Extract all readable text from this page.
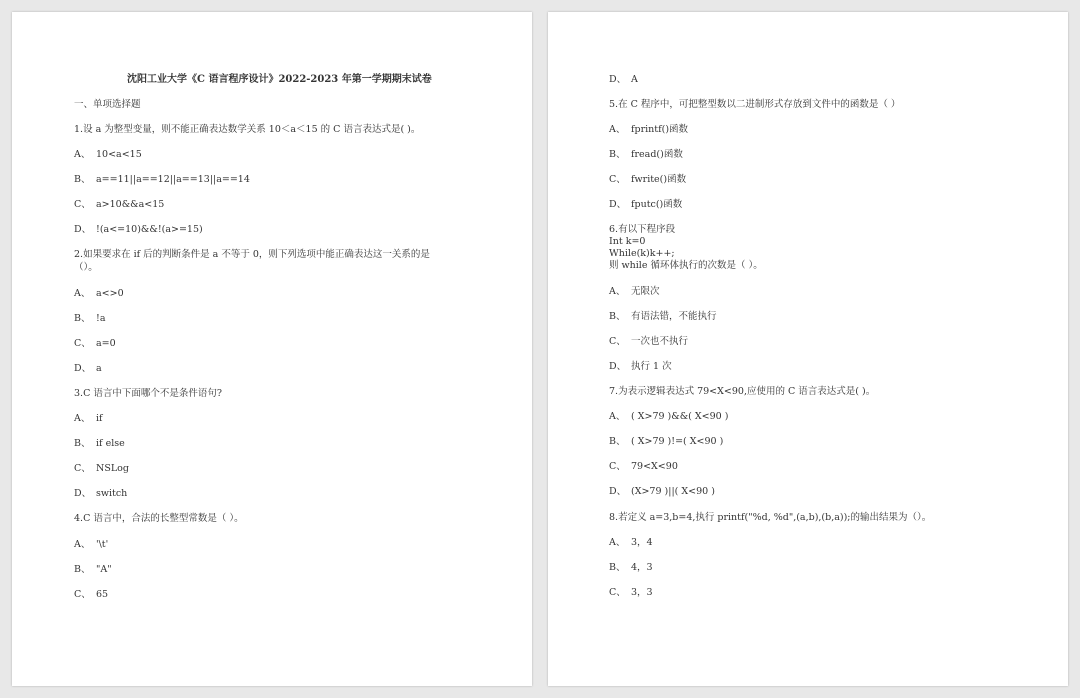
沈阳工业大学《C 语言程序设计》2022-2023 年第一学期期末试卷
一、单项选择题
1.设 a 为整型变量，则不能正确表达数学关系 10＜a＜15 的 C 语言表达式是( )。
A、 10<a<15
B、 a==11||a==12||a==13||a==14
C、 a>10&&a<15
D、 !(a<=10)&&!(a>=15)
2.如果要求在 if 后的判断条件是 a 不等于 0，则下列选项中能正确表达这一关系的是
（）。
A、 a<>0
B、 !a
C、 a=0
D、 a
3.C 语言中下面哪个不是条件语句?
A、 if
B、 if else
C、 NSLog
D、 switch
4.C 语言中，合法的长整型常数是（ ）。
A、 '\t'
B、 "A"
C、 65
D、 A
5.在 C 程序中，可把整型数以二进制形式存放到文件中的函数是（ ）
A、 fprintf()函数
B、 fread()函数
C、 fwrite()函数
D、 fputc()函数
6.有以下程序段
Int k=0
While(k)k++;
则 while 循环体执行的次数是（ ）。
A、 无限次
B、 有语法错，不能执行
C、 一次也不执行
D、 执行 1 次
7.为表示逻辑表达式 79<X<90,应使用的 C 语言表达式是( )。
A、 ( X>79 )&&( X<90 )
B、 ( X>79 )!=( X<90 )
C、 79<X<90
D、 (X>79 )||( X<90 )
8.若定义 a=3,b=4,执行 printf("%d, %d",(a,b),(b,a));的输出结果为（）。
A、 3，4
B、 4，3
C、 3，3
